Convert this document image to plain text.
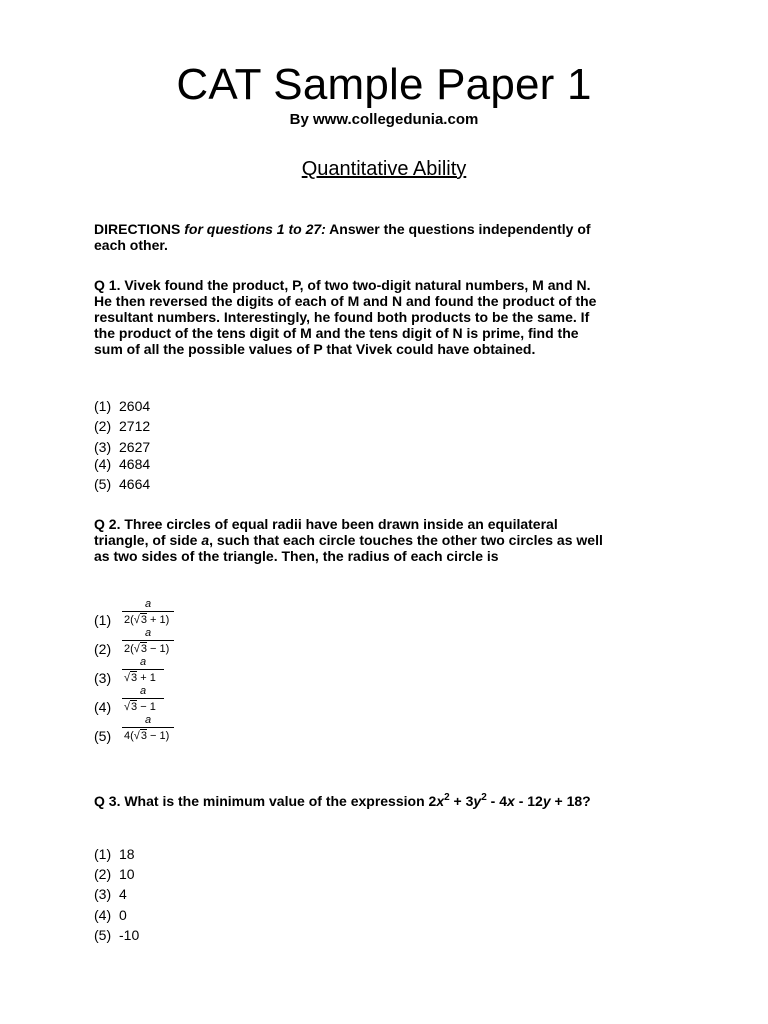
CAT Sample Paper 1
By www.collegedunia.com
Quantitative Ability
DIRECTIONS for questions 1 to 27: Answer the questions independently of each other.
Q 1. Vivek found the product, P, of two two-digit natural numbers, M and N. He then reversed the digits of each of M and N and found the product of the resultant numbers. Interestingly, he found both products to be the same. If the product of the tens digit of M and the tens digit of N is prime, find the sum of all the possible values of P that Vivek could have obtained.
(1) 2604
(2) 2712
(3) 2627
(4) 4684
(5) 4664
Q 2. Three circles of equal radii have been drawn inside an equilateral triangle, of side a, such that each circle touches the other two circles as well as two sides of the triangle. Then, the radius of each circle is
(1)
a
2(√3 + 1)
(2)
a
2(√3 − 1)
(3)
a
√3 + 1
(4)
a
√3 − 1
(5)
a
4(√3 − 1)
Q 3. What is the minimum value of the expression $2x^2 + 3y^2 - 4x - 12y + 18$?
(1) 18
(2) 10
(3) 4
(4) 0
(5) -10
